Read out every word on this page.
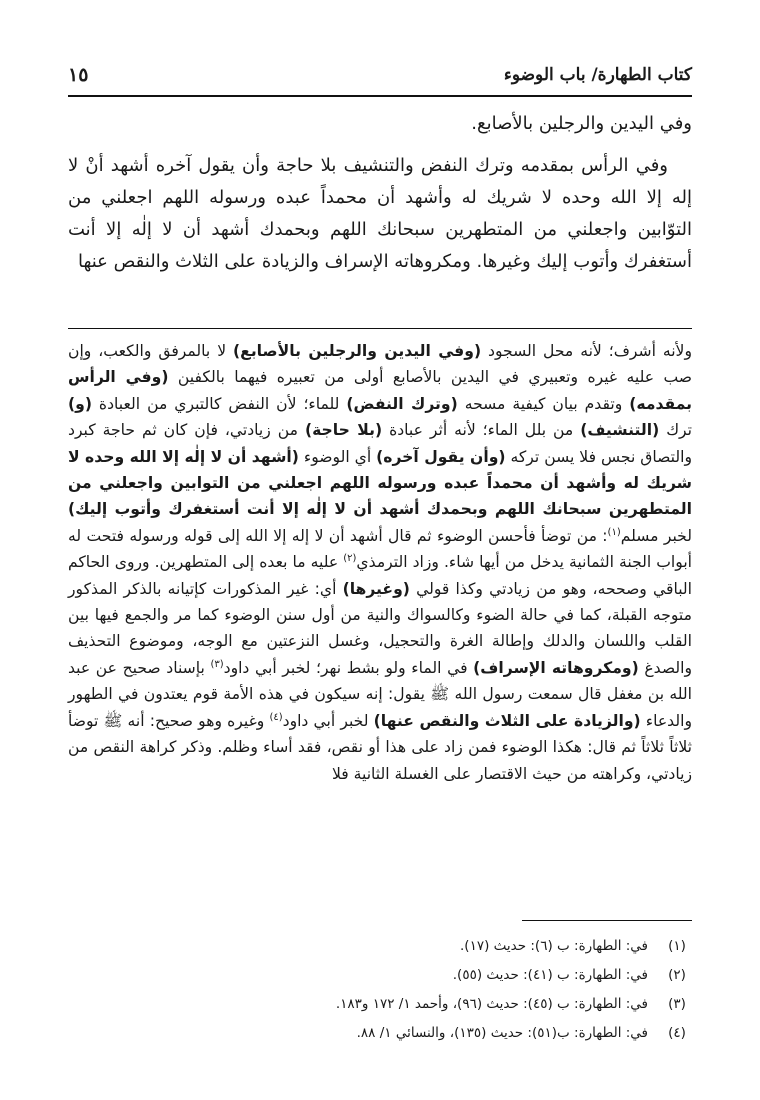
كتاب الطهارة/ باب الوضوء
١٥

وفي اليدين والرجلين بالأصابع.

وفي الرأس بمقدمه وترك النفض والتنشيف بلا حاجة وأن يقول آخره أشهد أنْ لا إله إلا الله وحده لا شريك له وأشهد أن محمداً عبده ورسوله اللهم اجعلني من التوّابين واجعلني من المتطهرين سبحانك اللهم وبحمدك أشهد أن لا إلٰه إلا أنت أستغفرك وأتوب إليك وغيرها. ومكروهاته الإسراف والزيادة على الثلاث والنقص عنها

ولأنه أشرف؛ لأنه محل السجود (وفي اليدين والرجلين بالأصابع) لا بالمرفق والكعب، وإن صب عليه غيره وتعبيري في اليدين بالأصابع أولى من تعبيره فيهما بالكفين (وفي الرأس بمقدمه) وتقدم بيان كيفية مسحه (وترك النفض) للماء؛ لأن النفض كالتبري من العبادة (و) ترك (التنشيف) من بلل الماء؛ لأنه أثر عبادة (بلا حاجة) من زيادتي، فإن كان ثم حاجة كبرد والتصاق نجس فلا يسن تركه (وأن يقول آخره) أي الوضوء (أشهد أن لا إلٰه إلا الله وحده لا شريك له وأشهد أن محمداً عبده ورسوله اللهم اجعلني من التوابين واجعلني من المتطهرين سبحانك اللهم وبحمدك أشهد أن لا إلٰه إلا أنت أستغفرك وأتوب إليك) لخبر مسلم$^{(١)}$: من توضأ فأحسن الوضوء ثم قال أشهد أن لا إله إلا الله إلى قوله ورسوله فتحت له أبواب الجنة الثمانية يدخل من أيها شاء. وزاد الترمذي$^{(٢)}$ عليه ما بعده إلى المتطهرين. وروى الحاكم الباقي وصححه، وهو من زيادتي وكذا قولي (وغيرها) أي: غير المذكورات كإتيانه بالذكر المذكور متوجه القبلة، كما في حالة الضوء وكالسواك والنية من أول سنن الوضوء كما مر والجمع فيها بين القلب واللسان والدلك وإطالة الغرة والتحجيل، وغسل النزعتين مع الوجه، وموضوع التحذيف والصدغ (ومكروهاته الإسراف) في الماء ولو بشط نهر؛ لخبر أبي داود$^{(٣)}$ بإسناد صحيح عن عبد الله بن مغفل قال سمعت رسول الله ﷺ يقول: إنه سيكون في هذه الأمة قوم يعتدون في الطهور والدعاء (والزيادة على الثلاث والنقص عنها) لخبر أبي داود$^{(٤)}$ وغيره وهو صحيح: أنه ﷺ توضأ ثلاثاً ثلاثاً ثم قال: هكذا الوضوء فمن زاد على هذا أو نقص، فقد أساء وظلم. وذكر كراهة النقص من زيادتي، وكراهته من حيث الاقتصار على الغسلة الثانية فلا

(١)
في: الطهارة: ب (٦): حديث (١٧).
(٢)
في: الطهارة: ب (٤١): حديث (٥٥).
(٣)
في: الطهارة: ب (٤٥): حديث (٩٦)، وأحمد ١/ ١٧٢ و١٨٣.
(٤)
في: الطهارة: ب(٥١): حديث (١٣٥)، والنسائي ١/ ٨٨.
